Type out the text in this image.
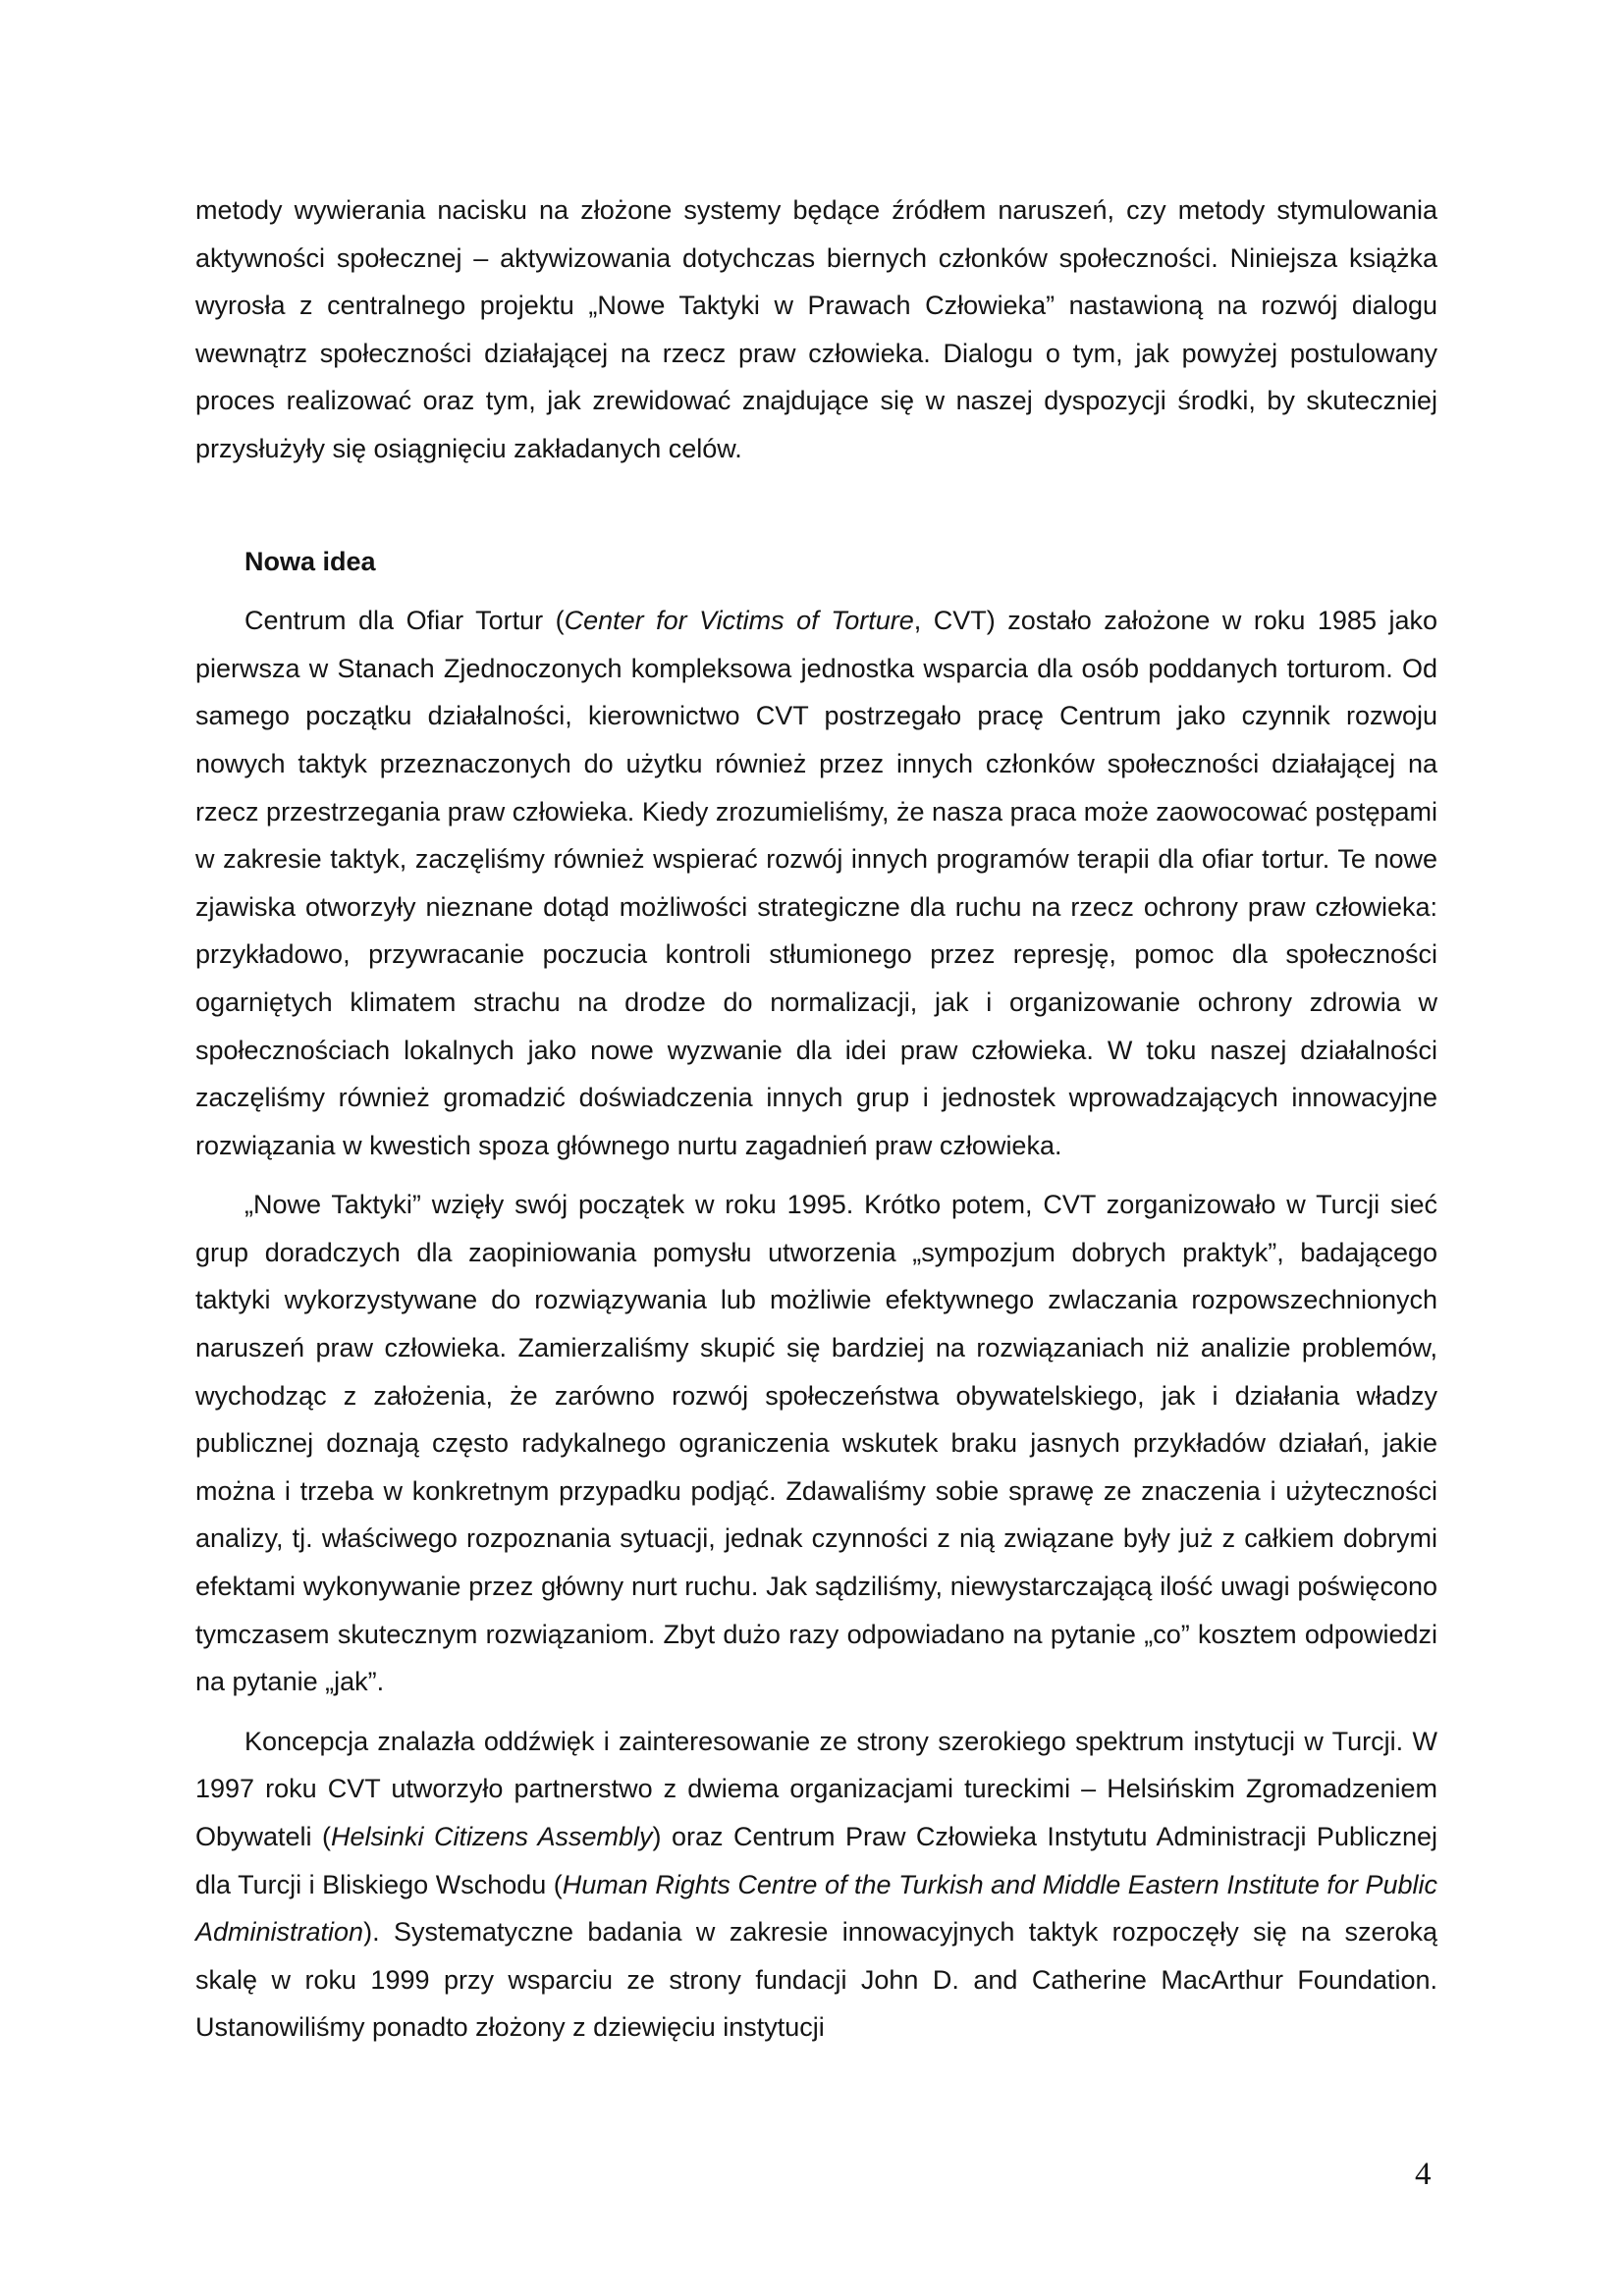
metody wywierania nacisku na złożone systemy będące źródłem naruszeń, czy metody stymulowania aktywności społecznej – aktywizowania dotychczas biernych członków społeczności. Niniejsza książka wyrosła z centralnego projektu „Nowe Taktyki w Prawach Człowieka” nastawioną na rozwój dialogu wewnątrz społeczności działającej na rzecz praw człowieka. Dialogu o tym, jak powyżej postulowany proces realizować oraz tym, jak zrewidować znajdujące się w naszej dyspozycji środki, by skuteczniej przysłużyły się osiągnięciu zakładanych celów.

Nowa idea

Centrum dla Ofiar Tortur (Center for Victims of Torture, CVT) zostało założone w roku 1985 jako pierwsza w Stanach Zjednoczonych kompleksowa jednostka wsparcia dla osób poddanych torturom. Od samego początku działalności, kierownictwo CVT postrzegało pracę Centrum jako czynnik rozwoju nowych taktyk przeznaczonych do użytku również przez innych członków społeczności działającej na rzecz przestrzegania praw człowieka. Kiedy zrozumieliśmy, że nasza praca może zaowocować postępami w zakresie taktyk, zaczęliśmy również wspierać rozwój innych programów terapii dla ofiar tortur. Te nowe zjawiska otworzyły nieznane dotąd możliwości strategiczne dla ruchu na rzecz ochrony praw człowieka: przykładowo, przywracanie poczucia kontroli stłumionego przez represję, pomoc dla społeczności ogarniętych klimatem strachu na drodze do normalizacji, jak i organizowanie ochrony zdrowia w społecznościach lokalnych jako nowe wyzwanie dla idei praw człowieka. W toku naszej działalności zaczęliśmy również gromadzić doświadczenia innych grup i jednostek wprowadzających innowacyjne rozwiązania w kwestich spoza głównego nurtu zagadnień praw człowieka.

„Nowe Taktyki” wzięły swój początek w roku 1995. Krótko potem, CVT zorganizowało w Turcji sieć grup doradczych dla zaopiniowania pomysłu utworzenia „sympozjum dobrych praktyk”, badającego taktyki wykorzystywane do rozwiązywania lub możliwie efektywnego zwlaczania rozpowszechnionych naruszeń praw człowieka. Zamierzaliśmy skupić się bardziej na rozwiązaniach niż analizie problemów, wychodząc z założenia, że zarówno rozwój społeczeństwa obywatelskiego, jak i działania władzy publicznej doznają często radykalnego ograniczenia wskutek braku jasnych przykładów działań, jakie można i trzeba w konkretnym przypadku podjąć. Zdawaliśmy sobie sprawę ze znaczenia i użyteczności analizy, tj. właściwego rozpoznania sytuacji, jednak czynności z nią związane były już z całkiem dobrymi efektami wykonywanie przez główny nurt ruchu. Jak sądziliśmy, niewystarczającą ilość uwagi poświęcono tymczasem skutecznym rozwiązaniom. Zbyt dużo razy odpowiadano na pytanie „co” kosztem odpowiedzi na pytanie „jak”.

Koncepcja znalazła oddźwięk i zainteresowanie ze strony szerokiego spektrum instytucji w Turcji. W 1997 roku CVT utworzyło partnerstwo z dwiema organizacjami tureckimi – Helsińskim Zgromadzeniem Obywateli (Helsinki Citizens Assembly) oraz Centrum Praw Człowieka Instytutu Administracji Publicznej dla Turcji i Bliskiego Wschodu (Human Rights Centre of the Turkish and Middle Eastern Institute for Public Administration). Systematyczne badania w zakresie innowacyjnych taktyk rozpoczęły się na szeroką skalę w roku 1999 przy wsparciu ze strony fundacji John D. and Catherine MacArthur Foundation. Ustanowiliśmy ponadto złożony z dziewięciu instytucji

4
